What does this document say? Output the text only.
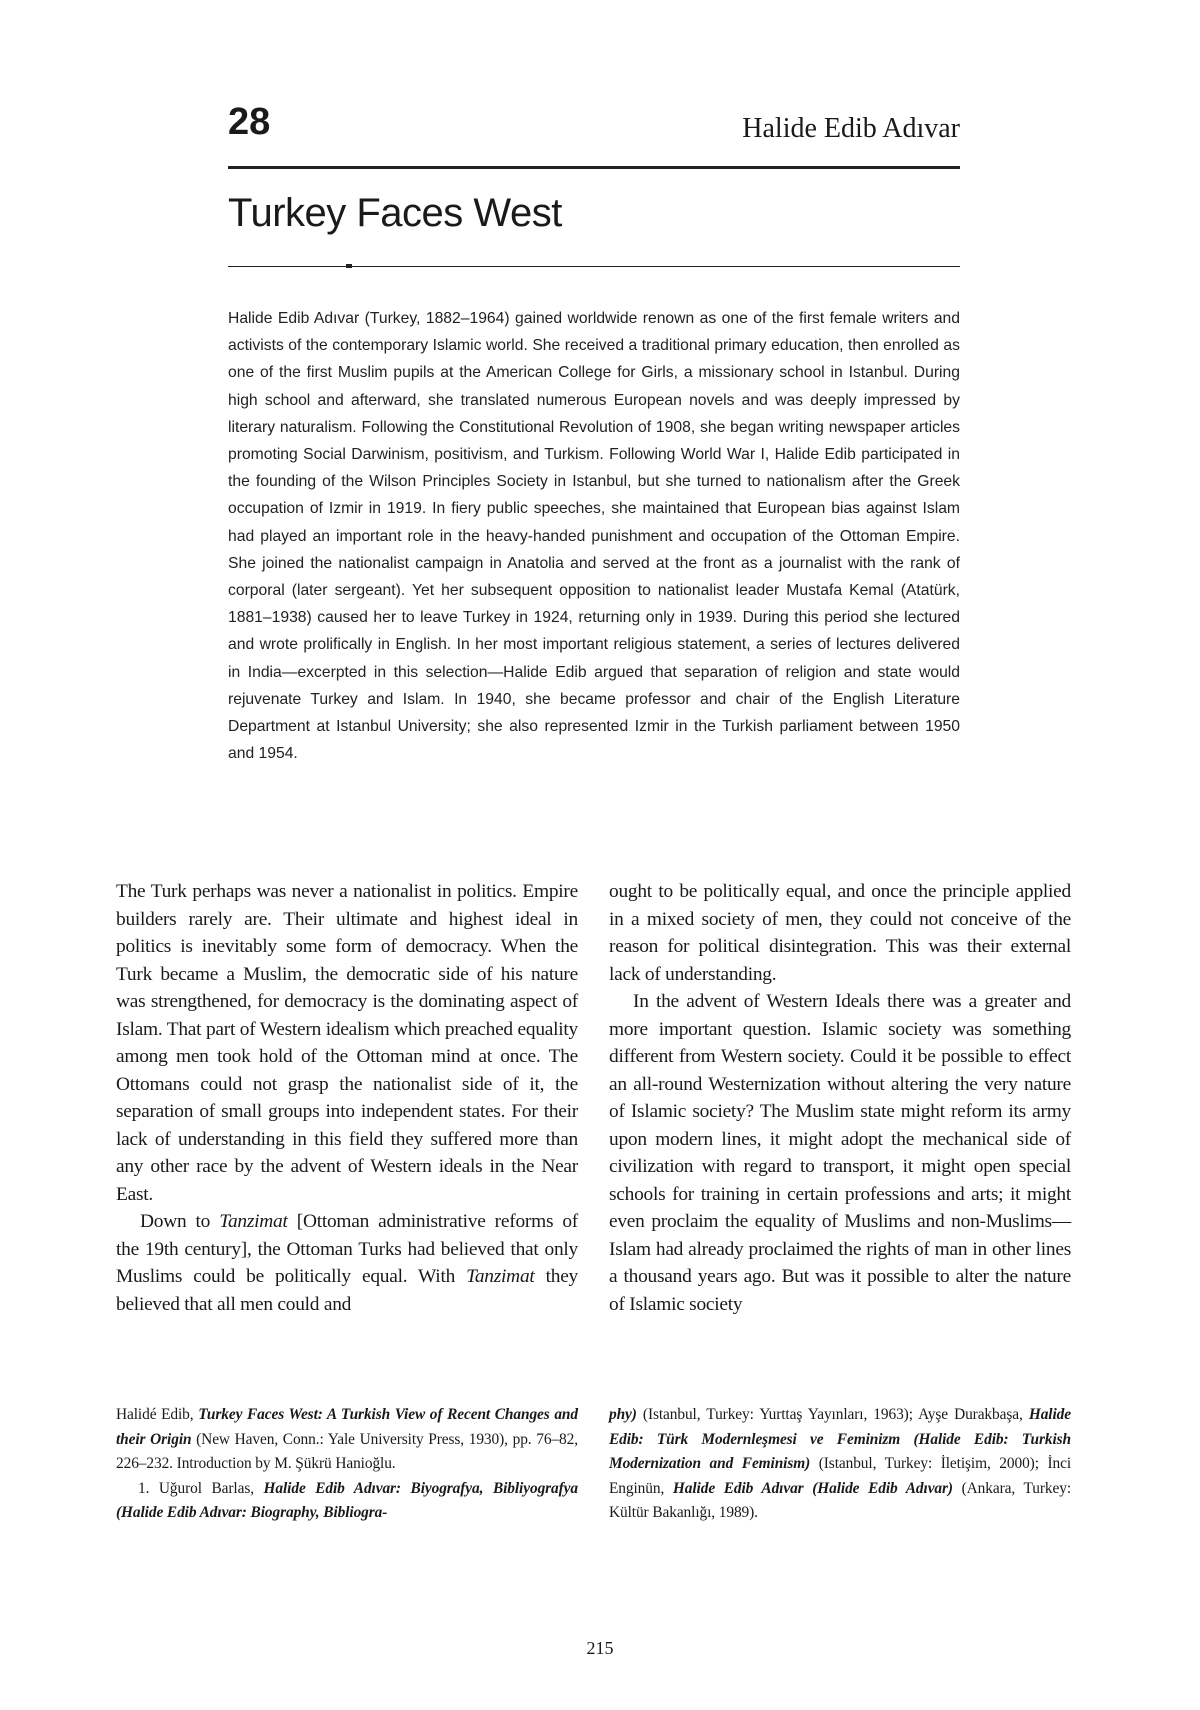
28	Halide Edib Adıvar
Turkey Faces West

Halide Edib Adıvar (Turkey, 1882–1964) gained worldwide renown as one of the first female writers and activists of the contemporary Islamic world. She received a traditional primary education, then enrolled as one of the first Muslim pupils at the American College for Girls, a missionary school in Istanbul. During high school and afterward, she translated numerous European novels and was deeply impressed by literary naturalism. Following the Constitutional Revolution of 1908, she began writing newspaper articles promoting Social Darwinism, positivism, and Turkism. Following World War I, Halide Edib participated in the founding of the Wilson Principles Society in Istanbul, but she turned to nationalism after the Greek occupation of Izmir in 1919. In fiery public speeches, she maintained that European bias against Islam had played an important role in the heavy-handed punishment and occupation of the Ottoman Empire. She joined the nationalist campaign in Anatolia and served at the front as a journalist with the rank of corporal (later sergeant). Yet her subsequent opposition to nationalist leader Mustafa Kemal (Atatürk, 1881–1938) caused her to leave Turkey in 1924, returning only in 1939. During this period she lectured and wrote prolifically in English. In her most important religious statement, a series of lectures delivered in India—excerpted in this selection—Halide Edib argued that separation of religion and state would rejuvenate Turkey and Islam. In 1940, she became professor and chair of the English Literature Department at Istanbul University; she also represented Izmir in the Turkish parliament between 1950 and 1954.

The Turk perhaps was never a nationalist in politics. Empire builders rarely are. Their ultimate and highest ideal in politics is inevitably some form of democracy. When the Turk became a Muslim, the democratic side of his nature was strengthened, for democracy is the dominating aspect of Islam. That part of Western idealism which preached equality among men took hold of the Ottoman mind at once. The Ottomans could not grasp the nationalist side of it, the separation of small groups into independent states. For their lack of understanding in this field they suffered more than any other race by the advent of Western ideals in the Near East.

Down to Tanzimat [Ottoman administrative reforms of the 19th century], the Ottoman Turks had believed that only Muslims could be politically equal. With Tanzimat they believed that all men could and

ought to be politically equal, and once the principle applied in a mixed society of men, they could not conceive of the reason for political disintegration. This was their external lack of understanding.

In the advent of Western Ideals there was a greater and more important question. Islamic society was something different from Western society. Could it be possible to effect an all-round Westernization without altering the very nature of Islamic society? The Muslim state might reform its army upon modern lines, it might adopt the mechanical side of civilization with regard to transport, it might open special schools for training in certain professions and arts; it might even proclaim the equality of Muslims and non-Muslims—Islam had already proclaimed the rights of man in other lines a thousand years ago. But was it possible to alter the nature of Islamic society

Halidé Edib, Turkey Faces West: A Turkish View of Recent Changes and their Origin (New Haven, Conn.: Yale University Press, 1930), pp. 76–82, 226–232. Introduction by M. Şükrü Hanioğlu.

1. Uğurol Barlas, Halide Edib Adıvar: Biyografya, Bibliyografya (Halide Edib Adıvar: Biography, Bibliogra-

phy) (Istanbul, Turkey: Yurttaş Yayınları, 1963); Ayşe Durakbaşa, Halide Edib: Türk Modernleşmesi ve Feminizm (Halide Edib: Turkish Modernization and Feminism) (Istanbul, Turkey: İletişim, 2000); İnci Enginün, Halide Edib Adıvar (Halide Edib Adıvar) (Ankara, Turkey: Kültür Bakanlığı, 1989).

215
